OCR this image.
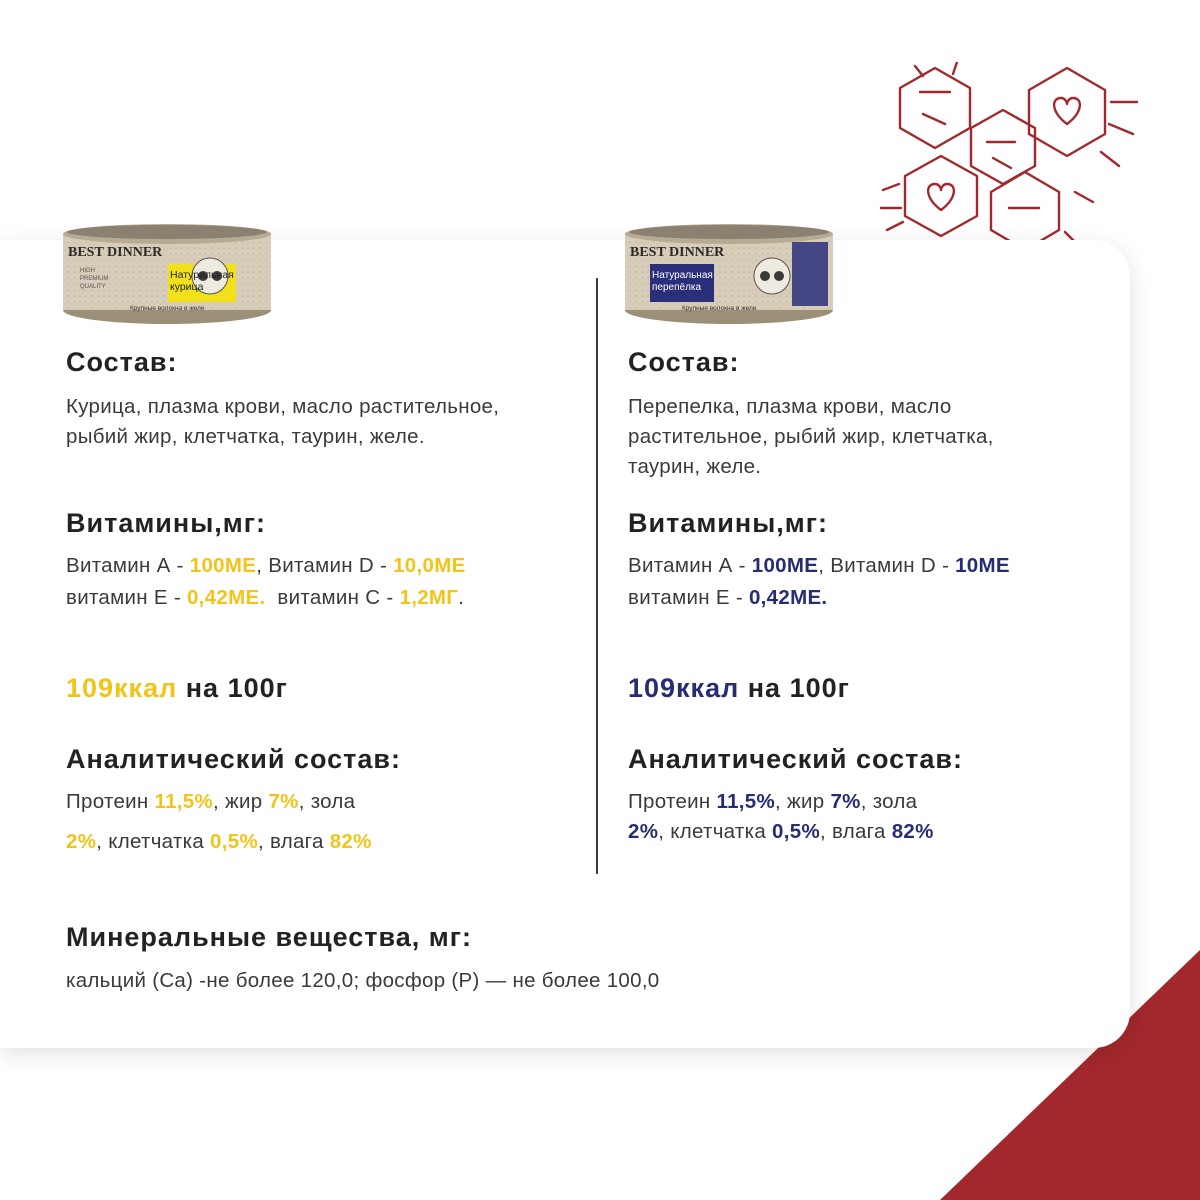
BEST DINNER
HIGH
PREMIUM
QUALITY
Натуральная
курица
Крупные волокна в желе
BEST DINNER
Натуральная
перепёлка
Крупные волокна в желе
Состав:
Курица, плазма крови, масло растительное,
рыбий жир, клетчатка, таурин, желе.
Витамины,мг:
Витамин А - 100МЕ, Витамин D - 10,0МЕ
витамин Е - 0,42МЕ.  витамин С - 1,2МГ.
109ккал на 100г
Аналитический состав:
Протеин 11,5%, жир 7%, зола
2%, клетчатка 0,5%, влага 82%
Состав:
Перепелка, плазма крови, масло
растительное, рыбий жир, клетчатка,
таурин, желе.
Витамины,мг:
Витамин А - 100МЕ, Витамин D - 10МЕ
витамин Е - 0,42МЕ.
109ккал на 100г
Аналитический состав:
Протеин 11,5%, жир 7%, зола
2%, клетчатка 0,5%, влага 82%
Минеральные вещества, мг:
кальций (Ca) -не более 120,0; фосфор (P) — не более 100,0
